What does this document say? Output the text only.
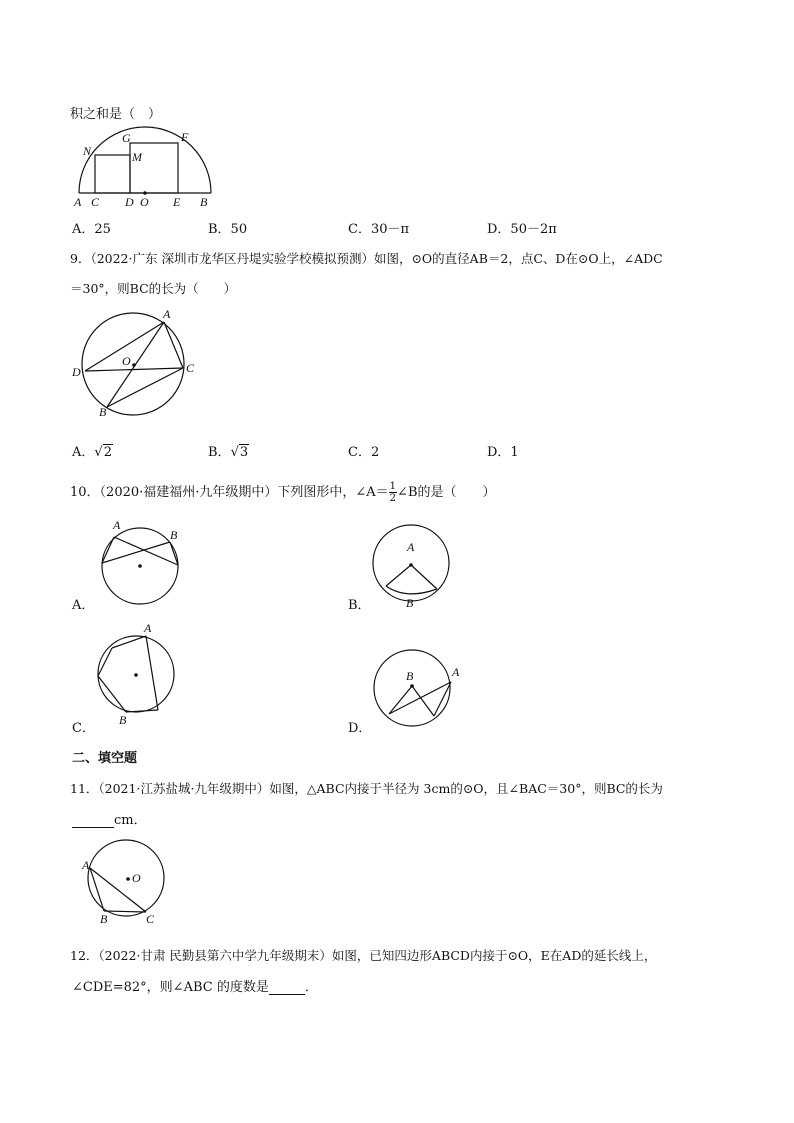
积之和是（　）
N
G	F
M
A C D O E B
A．25	B．50	C．30－π	D．50－2π
9．（2022·广东 深圳市龙华区丹堤实验学校模拟预测）如图，⊙O的直径AB＝2，点C、D在⊙O上，∠ADC
＝30°，则BC的长为（　　）
A
O
D	C
B
A．√2	B．√3	C．2	D．1
10．（2020·福建福州·九年级期中）下列图形中，∠A＝ $\frac{1}{2}$ ∠B的是（　　）
A
B
A．
A
B
B．
A
B
C．
B	A
D．
二、填空题
11．（2021·江苏盐城·九年级期中）如图，△ABC内接于半径为 3cm的⊙O，且∠BAC＝30°，则BC的长为
cm．
A
O
B	C
12．（2022·甘肃 民勤县第六中学九年级期末）如图，已知四边形ABCD内接于⊙O，E在AD的延长线上，
∠CDE=82°，则∠ABC 的度数是	．
